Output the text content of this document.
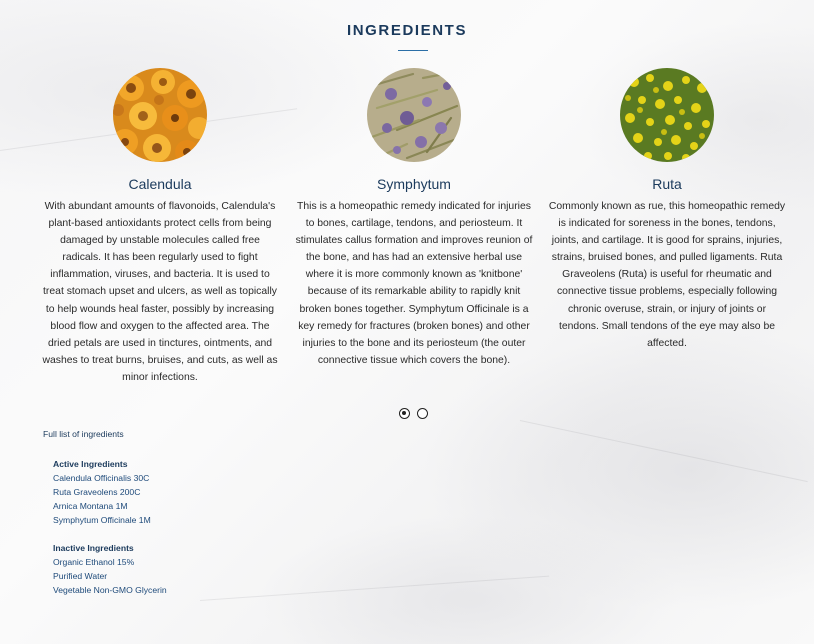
INGREDIENTS
Calendula

With abundant amounts of flavonoids, Calendula's plant-based antioxidants protect cells from being damaged by unstable molecules called free radicals. It has been regularly used to fight inflammation, viruses, and bacteria. It is used to treat stomach upset and ulcers, as well as topically to help wounds heal faster, possibly by increasing blood flow and oxygen to the affected area. The dried petals are used in tinctures, ointments, and washes to treat burns, bruises, and cuts, as well as minor infections.

Symphytum

This is a homeopathic remedy indicated for injuries to bones, cartilage, tendons, and periosteum. It stimulates callus formation and improves reunion of the bone, and has had an extensive herbal use where it is more commonly known as 'knitbone' because of its remarkable ability to rapidly knit broken bones together. Symphytum Officinale is a key remedy for fractures (broken bones) and other injuries to the bone and its periosteum (the outer connective tissue which covers the bone).

Ruta

Commonly known as rue, this homeopathic remedy is indicated for soreness in the bones, tendons, joints, and cartilage. It is good for sprains, injuries, strains, bruised bones, and pulled ligaments. Ruta Graveolens (Ruta) is useful for rheumatic and connective tissue problems, especially following chronic overuse, strain, or injury of joints or tendons. Small tendons of the eye may also be affected.

Full list of ingredients
Active Ingredients
Calendula Officinalis 30C
Ruta Graveolens 200C
Arnica Montana 1M
Symphytum Officinale 1M
Inactive Ingredients
Organic Ethanol 15%
Purified Water
Vegetable Non-GMO Glycerin
